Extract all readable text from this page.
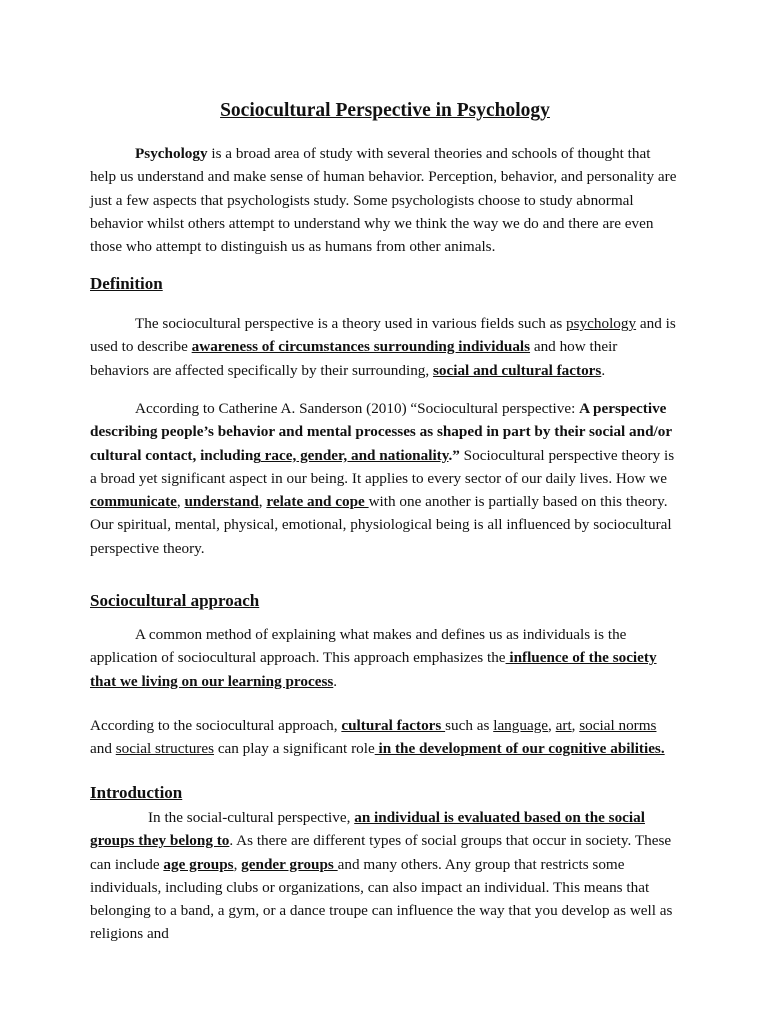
Sociocultural Perspective in Psychology

Psychology is a broad area of study with several theories and schools of thought that help us understand and make sense of human behavior. Perception, behavior, and personality are just a few aspects that psychologists study. Some psychologists choose to study abnormal behavior whilst others attempt to understand why we think the way we do and there are even those who attempt to distinguish us as humans from other animals.

Definition

The sociocultural perspective is a theory used in various fields such as psychology and is used to describe awareness of circumstances surrounding individuals and how their behaviors are affected specifically by their surrounding, social and cultural factors.

According to Catherine A. Sanderson (2010) “Sociocultural perspective: A perspective describing people’s behavior and mental processes as shaped in part by their social and/or cultural contact, including race, gender, and nationality.” Sociocultural perspective theory is a broad yet significant aspect in our being. It applies to every sector of our daily lives. How we communicate, understand, relate and cope with one another is partially based on this theory. Our spiritual, mental, physical, emotional, physiological being is all influenced by sociocultural perspective theory.

Sociocultural approach

A common method of explaining what makes and defines us as individuals is the application of sociocultural approach. This approach emphasizes the influence of the society that we living on our learning process.

According to the sociocultural approach, cultural factors such as language, art, social norms and social structures can play a significant role in the development of our cognitive abilities.

Introduction

In the social-cultural perspective, an individual is evaluated based on the social groups they belong to. As there are different types of social groups that occur in society. These can include age groups, gender groups and many others. Any group that restricts some individuals, including clubs or organizations, can also impact an individual. This means that belonging to a band, a gym, or a dance troupe can influence the way that you develop as well as religions and
